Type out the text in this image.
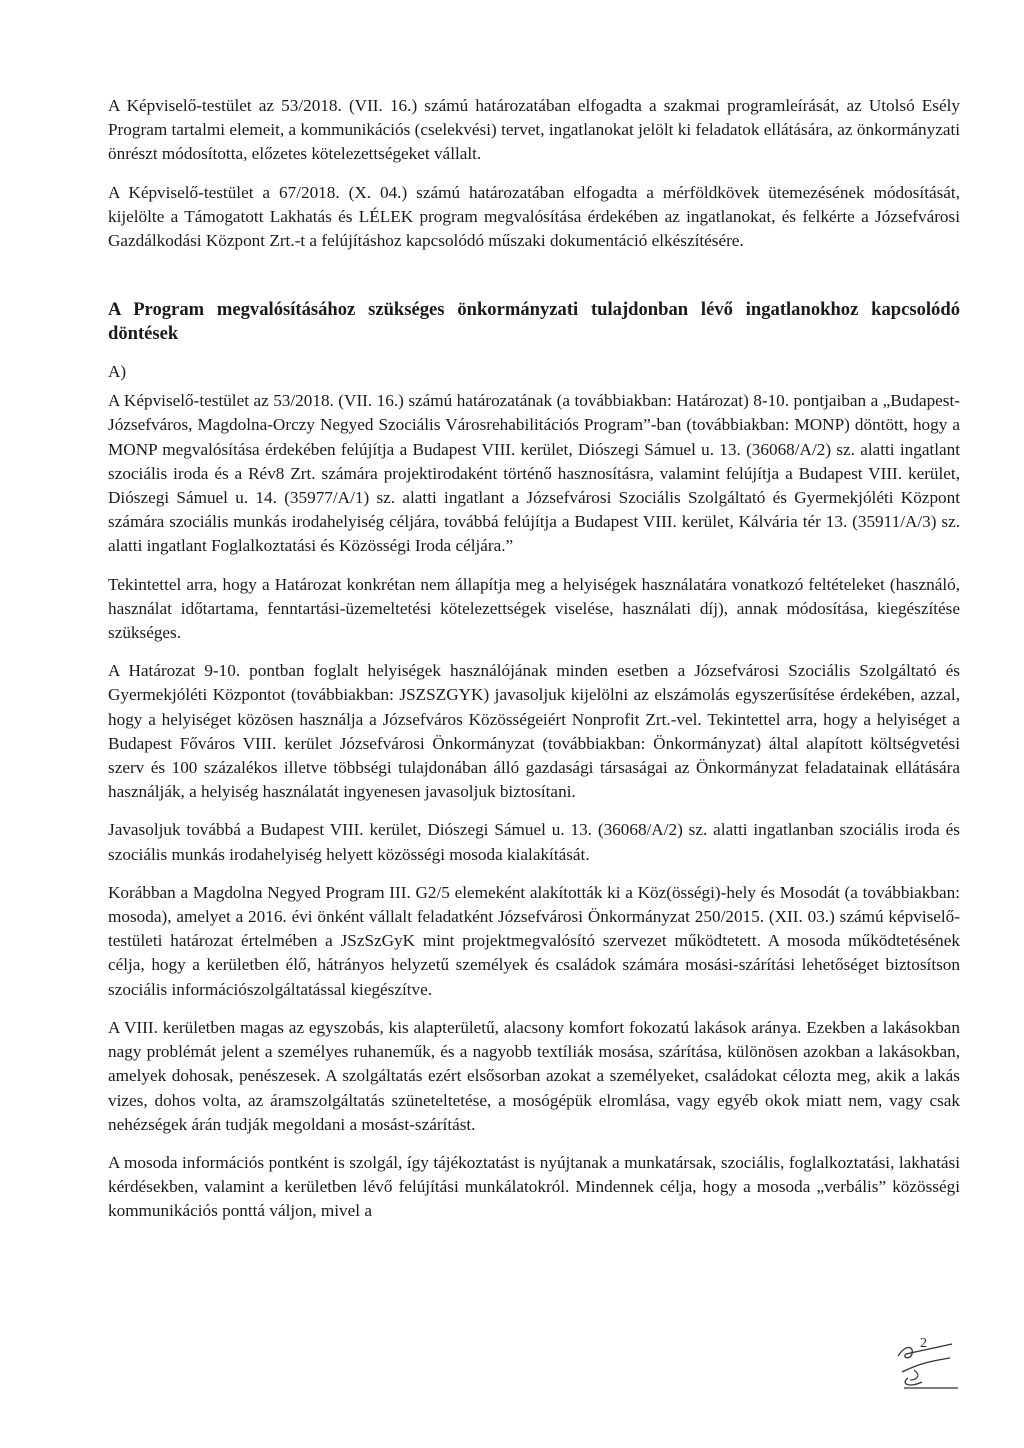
A Képviselő-testület az 53/2018. (VII. 16.) számú határozatában elfogadta a szakmai programleírását, az Utolsó Esély Program tartalmi elemeit, a kommunikációs (cselekvési) tervet, ingatlanokat jelölt ki feladatok ellátására, az önkormányzati önrészt módosította, előzetes kötelezettségeket vállalt.

A Képviselő-testület a 67/2018. (X. 04.) számú határozatában elfogadta a mérföldkövek ütemezésének módosítását, kijelölte a Támogatott Lakhatás és LÉLEK program megvalósítása érdekében az ingatlanokat, és felkérte a Józsefvárosi Gazdálkodási Központ Zrt.-t a felújításhoz kapcsolódó műszaki dokumentáció elkészítésére.

A Program megvalósításához szükséges önkormányzati tulajdonban lévő ingatlanokhoz kapcsolódó döntések
A)

A Képviselő-testület az 53/2018. (VII. 16.) számú határozatának (a továbbiakban: Határozat) 8-10. pontjaiban a „Budapest-Józsefváros, Magdolna-Orczy Negyed Szociális Városrehabilitációs Program”-ban (továbbiakban: MONP) döntött, hogy a MONP megvalósítása érdekében felújítja a Budapest VIII. kerület, Diószegi Sámuel u. 13. (36068/A/2) sz. alatti ingatlant szociális iroda és a Rév8 Zrt. számára projektirodaként történő hasznosításra, valamint felújítja a Budapest VIII. kerület, Diószegi Sámuel u. 14. (35977/A/1) sz. alatti ingatlant a Józsefvárosi Szociális Szolgáltató és Gyermekjóléti Központ számára szociális munkás irodahelyiség céljára, továbbá felújítja a Budapest VIII. kerület, Kálvária tér 13. (35911/A/3) sz. alatti ingatlant Foglalkoztatási és Közösségi Iroda céljára.”

Tekintettel arra, hogy a Határozat konkrétan nem állapítja meg a helyiségek használatára vonatkozó feltételeket (használó, használat időtartama, fenntartási-üzemeltetési kötelezettségek viselése, használati díj), annak módosítása, kiegészítése szükséges.

A Határozat 9-10. pontban foglalt helyiségek használójának minden esetben a Józsefvárosi Szociális Szolgáltató és Gyermekjóléti Központot (továbbiakban: JSZSZGYK) javasoljuk kijelölni az elszámolás egyszerűsítése érdekében, azzal, hogy a helyiséget közösen használja a Józsefváros Közösségeiért Nonprofit Zrt.-vel. Tekintettel arra, hogy a helyiséget a Budapest Főváros VIII. kerület Józsefvárosi Önkormányzat (továbbiakban: Önkormányzat) által alapított költségvetési szerv és 100 százalékos illetve többségi tulajdonában álló gazdasági társaságai az Önkormányzat feladatainak ellátására használják, a helyiség használatát ingyenesen javasoljuk biztosítani.

Javasoljuk továbbá a Budapest VIII. kerület, Diószegi Sámuel u. 13. (36068/A/2) sz. alatti ingatlanban szociális iroda és szociális munkás irodahelyiség helyett közösségi mosoda kialakítását.

Korábban a Magdolna Negyed Program III. G2/5 elemeként alakították ki a Köz(össégi)-hely és Mosodát (a továbbiakban: mosoda), amelyet a 2016. évi önként vállalt feladatként Józsefvárosi Önkormányzat 250/2015. (XII. 03.) számú képviselő-testületi határozat értelmében a JSzSzGyK mint projektmegvalósító szervezet működtetett. A mosoda működtetésének célja, hogy a kerületben élő, hátrányos helyzetű személyek és családok számára mosási-szárítási lehetőséget biztosítson szociális információszolgáltatással kiegészítve.

A VIII. kerületben magas az egyszobás, kis alapterületű, alacsony komfort fokozatú lakások aránya. Ezekben a lakásokban nagy problémát jelent a személyes ruhaneműk, és a nagyobb textíliák mosása, szárítása, különösen azokban a lakásokban, amelyek dohosak, penészesek. A szolgáltatás ezért elsősorban azokat a személyeket, családokat célozta meg, akik a lakás vizes, dohos volta, az áramszolgáltatás szüneteltetése, a mosógépük elromlása, vagy egyéb okok miatt nem, vagy csak nehézségek árán tudják megoldani a mosást-szárítást.

A mosoda információs pontként is szolgál, így tájékoztatást is nyújtanak a munkatársak, szociális, foglalkoztatási, lakhatási kérdésekben, valamint a kerületben lévő felújítási munkálatokról. Mindennek célja, hogy a mosoda „verbális” közösségi kommunikációs ponttá váljon, mivel a

2
